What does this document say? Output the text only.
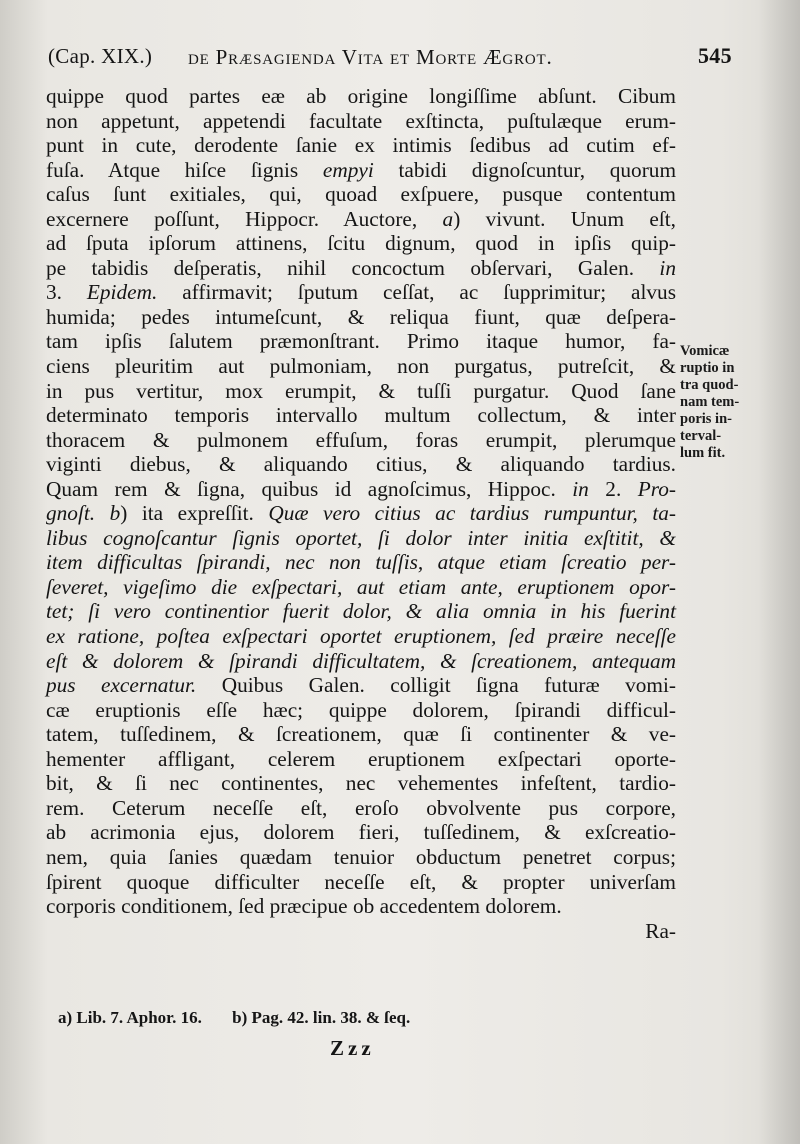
(Cap. XIX.) de Præsagienda Vita et Morte Ægrot.	545
quippe quod partes eæ ab origine longiſſime abſunt. Cibum
non appetunt, appetendi facultate exſtincta, puſtulæque erum-
punt in cute, derodente ſanie ex intimis ſedibus ad cutim ef-
fuſa. Atque hiſce ſignis empyi tabidi dignoſcuntur, quorum
caſus ſunt exitiales, qui, quoad exſpuere, pusque contentum
excernere poſſunt, Hippocr. Auctore, a) vivunt. Unum eſt,
ad ſputa ipſorum attinens, ſcitu dignum, quod in ipſis quip-
pe tabidis deſperatis, nihil concoctum obſervari, Galen. in
3. Epidem. affirmavit; ſputum ceſſat, ac ſupprimitur; alvus
humida; pedes intumeſcunt, & reliqua fiunt, quæ deſpera-
tam ipſis ſalutem præmonſtrant. Primo itaque humor, fa-
ciens pleuritim aut pulmoniam, non purgatus, putreſcit, &
in pus vertitur, mox erumpit, & tuſſi purgatur. Quod ſane
determinato temporis intervallo multum collectum, & inter
thoracem & pulmonem effuſum, foras erumpit, plerumque
viginti diebus, & aliquando citius, & aliquando tardius.
Quam rem & ſigna, quibus id agnoſcimus, Hippoc. in 2. Pro-
gnoſt. b) ita expreſſit. Quæ vero citius ac tardius rumpuntur, ta-
libus cognoſcantur ſignis oportet, ſi dolor inter initia exſtitit, &
item difficultas ſpirandi, nec non tuſſis, atque etiam ſcreatio per-
ſeveret, vigeſimo die exſpectari, aut etiam ante, eruptionem opor-
tet; ſi vero continentior fuerit dolor, & alia omnia in his fuerint
ex ratione, poſtea exſpectari oportet eruptionem, ſed præire neceſſe
eſt & dolorem & ſpirandi difficultatem, & ſcreationem, antequam
pus excernatur. Quibus Galen. colligit ſigna futuræ vomi-
cæ eruptionis eſſe hæc; quippe dolorem, ſpirandi difficul-
tatem, tuſſedinem, & ſcreationem, quæ ſi continenter & ve-
hementer affligant, celerem eruptionem exſpectari oporte-
bit, & ſi nec continentes, nec vehementes infeſtent, tardio-
rem. Ceterum neceſſe eſt, eroſo obvolvente pus corpore,
ab acrimonia ejus, dolorem fieri, tuſſedinem, & exſcreatio-
nem, quia ſanies quædam tenuior obductum penetret corpus;
ſpirent quoque difficulter neceſſe eſt, & propter univerſam
corporis conditionem, ſed præcipue ob accedentem dolorem.
Ra-
Vomicæ
ruptio in
tra quod-
nam tem-
poris in-
terval-
lum fit.
a) Lib. 7. Aphor. 16. b) Pag. 42. lin. 38. & ſeq.
Zzz
